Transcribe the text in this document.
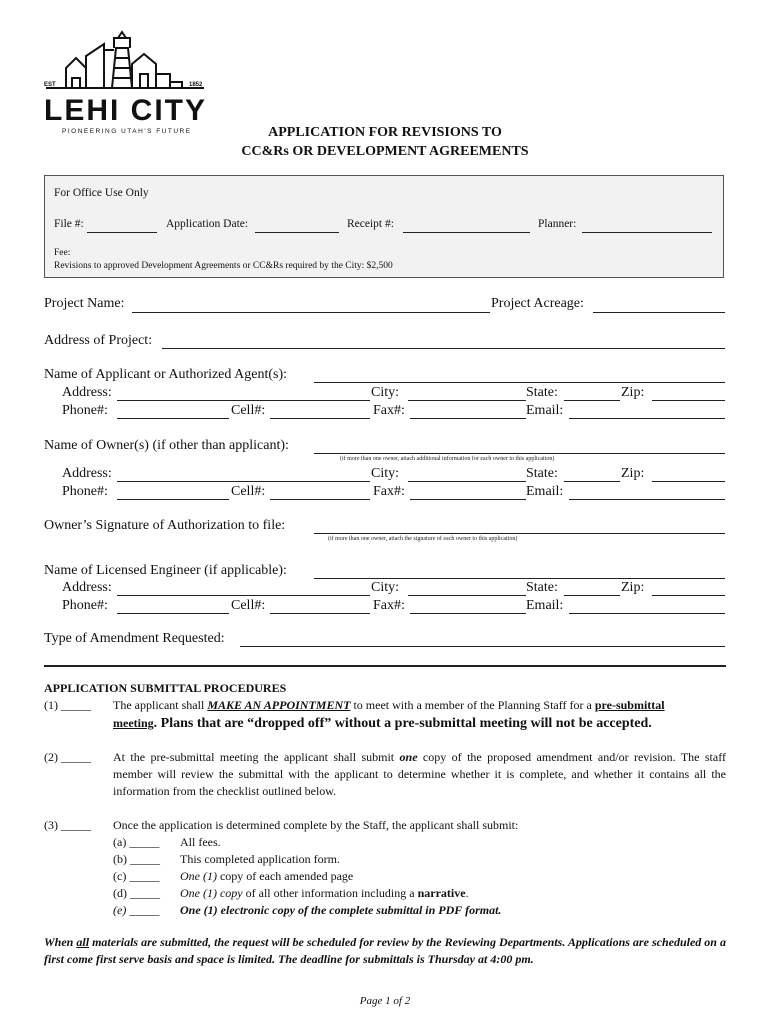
EST	1852
LEHI CITY
PIONEERING UTAH'S FUTURE	APPLICATION FOR REVISIONS TO
CC&Rs OR DEVELOPMENT AGREEMENTS
For Office Use Only
File #:	Application Date:	Receipt #:	Planner:
Fee:
Revisions to approved Development Agreements or CC&Rs required by the City: $2,500
Project Name:	Project Acreage:
Address of Project:
Name of Applicant or Authorized Agent(s):
Address:	City:	State:	Zip:
Phone#:	Cell#:	Fax#:	Email:
Name of Owner(s) (if other than applicant):
(if more than one owner, attach additional information for each owner to this application)
Address:	City:	State:	Zip:
Phone#:	Cell#:	Fax#:	Email:
Owner’s Signature of Authorization to file:
(if more than one owner, attach the signature of each owner to this application)
Name of Licensed Engineer (if applicable):
Address:	City:	State:	Zip:
Phone#:	Cell#:	Fax#:	Email:
Type of Amendment Requested:
APPLICATION SUBMITTAL PROCEDURES
(1) _____ The applicant shall MAKE AN APPOINTMENT to meet with a member of the Planning Staff for a pre-submittal
meeting. Plans that are “dropped off” without a pre-submittal meeting will not be accepted.
(2) _____ At the pre-submittal meeting the applicant shall submit one copy of the proposed amendment and/or revision. The staff member will review the submittal with the applicant to determine whether it is complete, and whether it contains all the information from the checklist outlined below.
(3) _____ Once the application is determined complete by the Staff, the applicant shall submit:
(a) _____ All fees.
(b) _____ This completed application form.
(c) _____ One (1) copy of each amended page
(d) _____ One (1) copy of all other information including a narrative.
(e) _____ One (1) electronic copy of the complete submittal in PDF format.
When all materials are submitted, the request will be scheduled for review by the Reviewing Departments. Applications are scheduled on a first come first serve basis and space is limited. The deadline for submittals is Thursday at 4:00 pm.
Page 1 of 2
